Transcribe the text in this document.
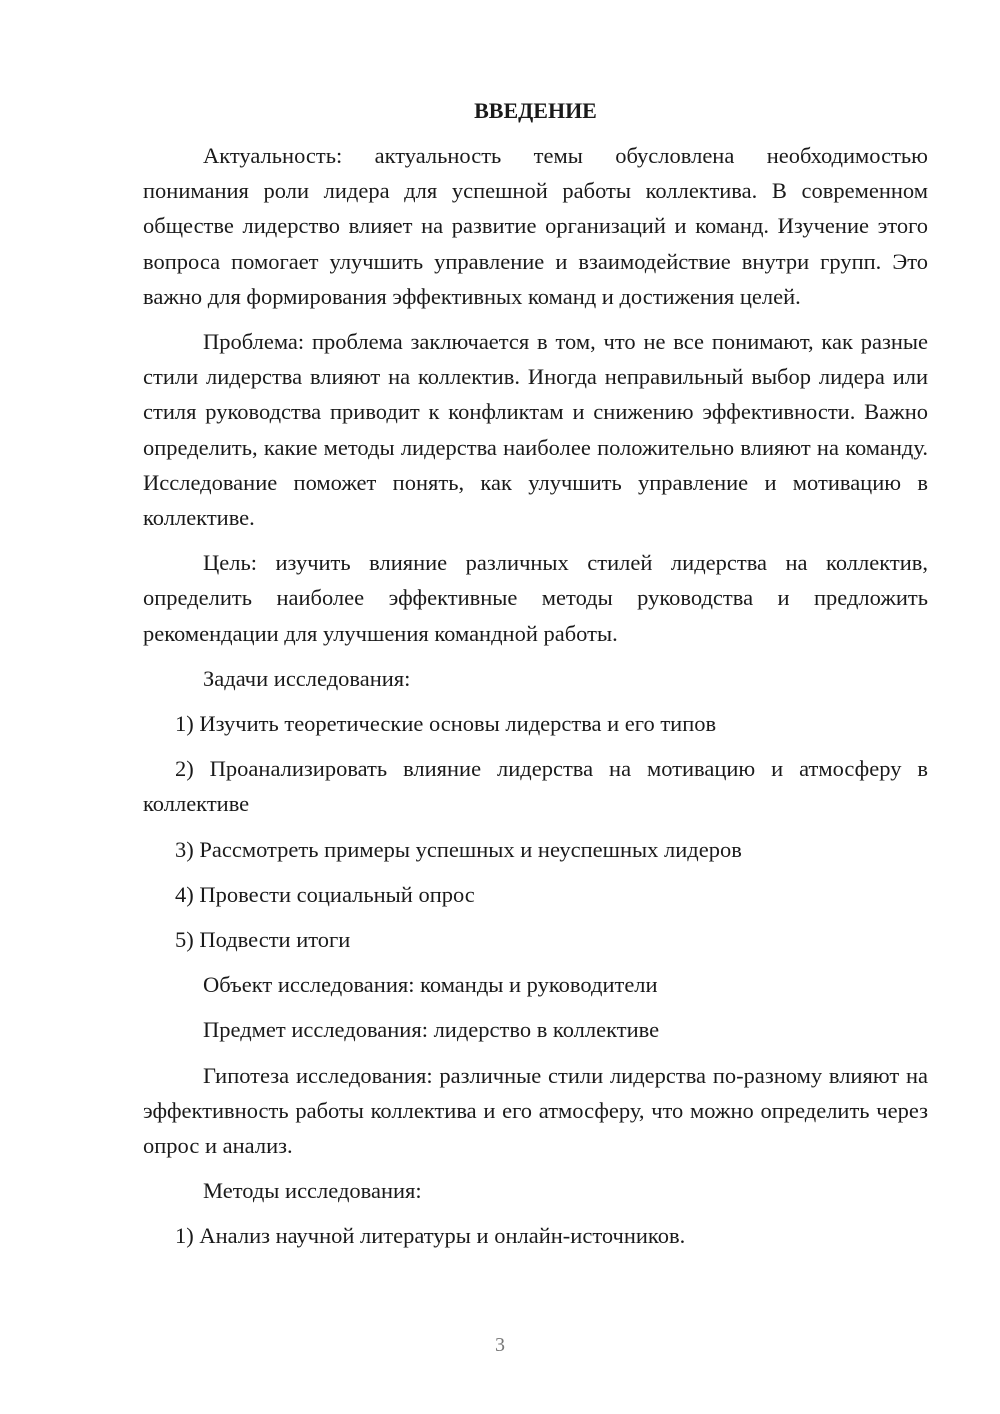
ВВЕДЕНИЕ

Актуальность: актуальность темы обусловлена необходимостью понимания роли лидера для успешной работы коллектива. В современном обществе лидерство влияет на развитие организаций и команд. Изучение этого вопроса помогает улучшить управление и взаимодействие внутри групп. Это важно для формирования эффективных команд и достижения целей.

Проблема: проблема заключается в том, что не все понимают, как разные стили лидерства влияют на коллектив. Иногда неправильный выбор лидера или стиля руководства приводит к конфликтам и снижению эффективности. Важно определить, какие методы лидерства наиболее положительно влияют на команду. Исследование поможет понять, как улучшить управление и мотивацию в коллективе.

Цель: изучить влияние различных стилей лидерства на коллектив, определить наиболее эффективные методы руководства и предложить рекомендации для улучшения командной работы.

Задачи исследования:

1) Изучить теоретические основы лидерства и его типов

2) Проанализировать влияние лидерства на мотивацию и атмосферу в коллективе

3) Рассмотреть примеры успешных и неуспешных лидеров

4) Провести социальный опрос

5) Подвести итоги

Объект исследования: команды и руководители

Предмет исследования: лидерство в коллективе

Гипотеза исследования: различные стили лидерства по-разному влияют на эффективность работы коллектива и его атмосферу, что можно определить через опрос и анализ.

Методы исследования:

1) Анализ научной литературы и онлайн-источников.

3
